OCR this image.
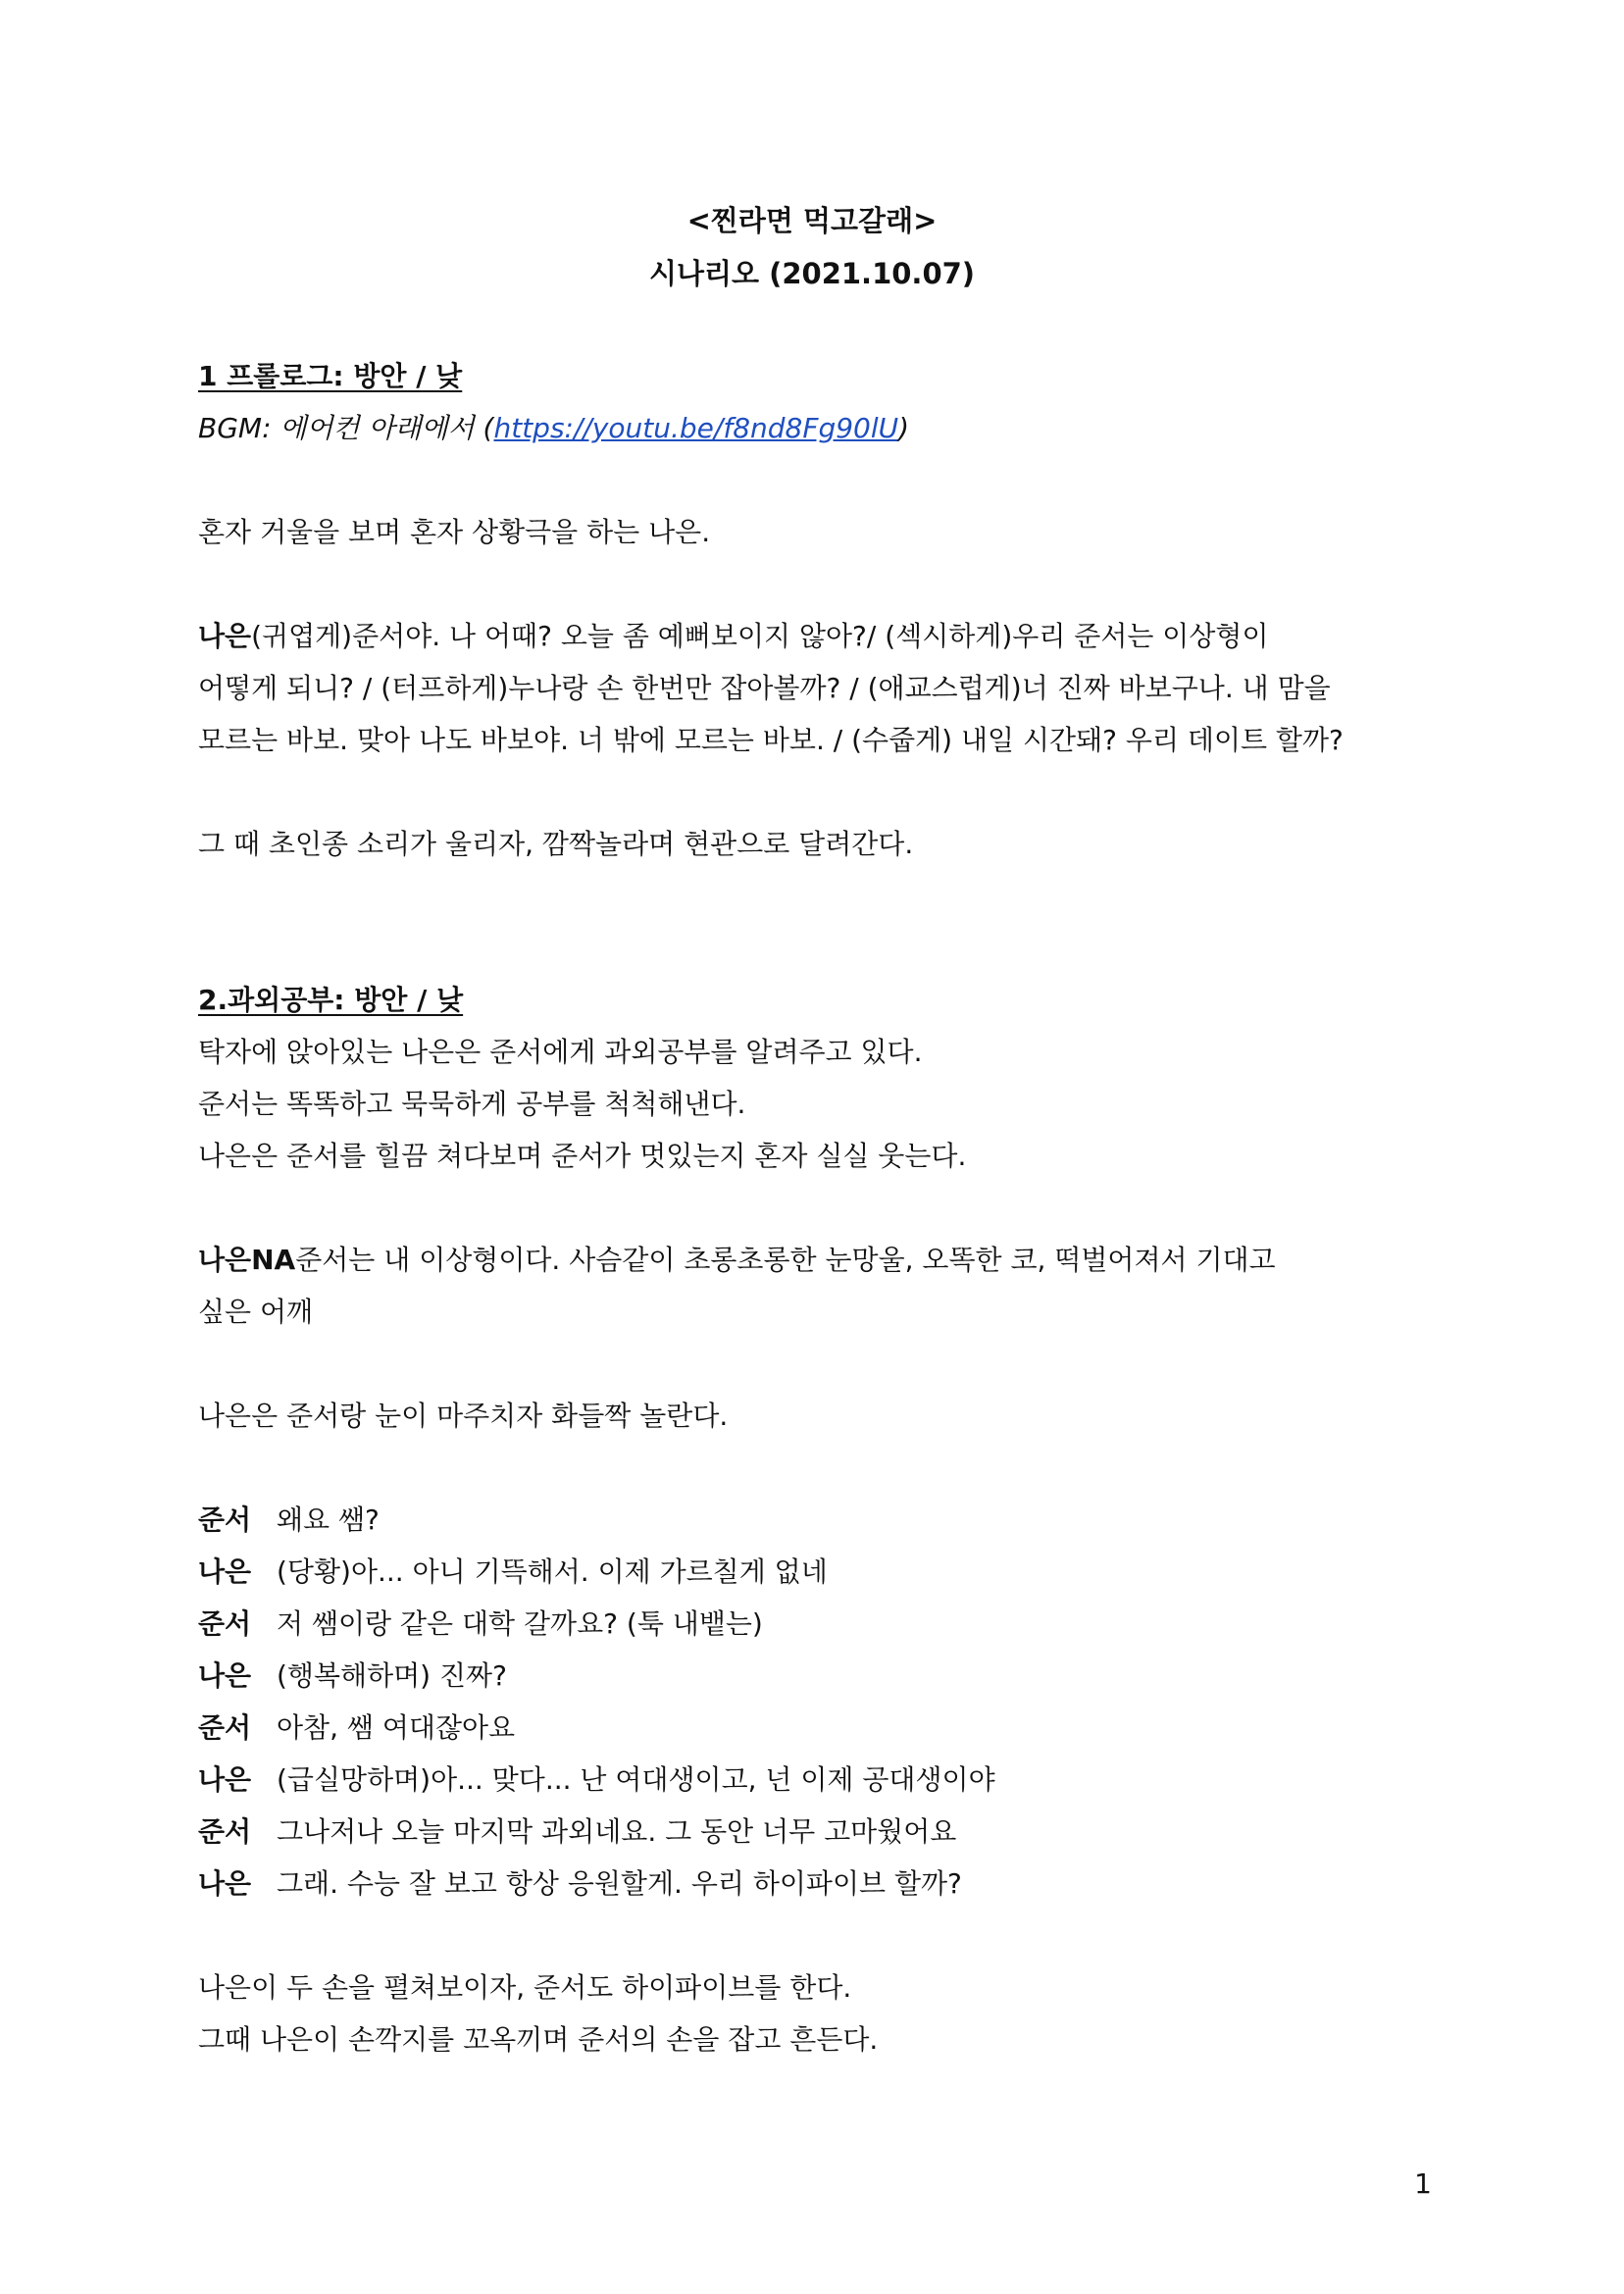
<찐라면 먹고갈래>
시나리오 (2021.10.07)
1 프롤로그: 방안 / 낮
BGM: 에어컨 아래에서 (https://youtu.be/f8nd8Fg90lU)
혼자 거울을 보며 혼자 상황극을 하는 나은.
나은(귀엽게)준서야. 나 어때? 오늘 좀 예뻐보이지 않아?/ (섹시하게)우리 준서는 이상형이
어떻게 되니? / (터프하게)누나랑 손 한번만 잡아볼까? / (애교스럽게)너 진짜 바보구나. 내 맘을
모르는 바보. 맞아 나도 바보야. 너 밖에 모르는 바보. / (수줍게) 내일 시간돼? 우리 데이트 할까?
그 때 초인종 소리가 울리자, 깜짝놀라며 현관으로 달려간다.
2.과외공부: 방안 / 낮
탁자에 앉아있는 나은은 준서에게 과외공부를 알려주고 있다.
준서는 똑똑하고 묵묵하게 공부를 척척해낸다.
나은은 준서를 힐끔 쳐다보며 준서가 멋있는지 혼자 실실 웃는다.
나은NA준서는 내 이상형이다. 사슴같이 초롱초롱한 눈망울, 오똑한 코, 떡벌어져서 기대고
싶은 어깨
나은은 준서랑 눈이 마주치자 화들짝 놀란다.
준서 왜요 쌤?
나은 (당황)아... 아니 기뜩해서. 이제 가르칠게 없네
준서 저 쌤이랑 같은 대학 갈까요? (툭 내뱉는)
나은 (행복해하며) 진짜?
준서 아참, 쌤 여대잖아요
나은 (급실망하며)아... 맞다... 난 여대생이고, 넌 이제 공대생이야
준서 그나저나 오늘 마지막 과외네요. 그 동안 너무 고마웠어요
나은 그래. 수능 잘 보고 항상 응원할게. 우리 하이파이브 할까?
나은이 두 손을 펼쳐보이자, 준서도 하이파이브를 한다.
그때 나은이 손깍지를 꼬옥끼며 준서의 손을 잡고 흔든다.
1
